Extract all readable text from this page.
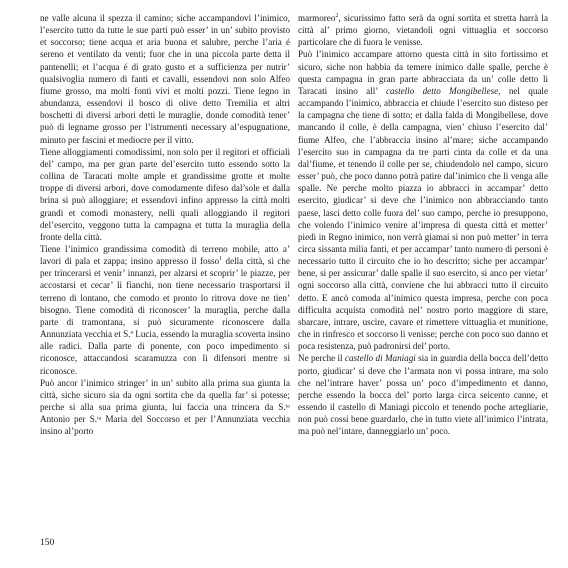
ne valle alcuna il spezza il camino; siche accampandovi l’inimico, l’esercito tutto da tutte le sue parti può esser’ in un’ subito provisto et soccorso; tiene acqua et aria buona et salubre, perche l’aria é sereno et ventilato da venti; fuor che in una piccola parte detta il pantenelli; et l’acqua é di grato gusto et a sufficienza per nutrir’ qualsivoglia numero di fanti et cavalli, essendovi non solo Alfeo fiume grosso, ma molti fonti vivi et molti pozzi. Tiene legno in abundanza, essendovi il bosco di olive detto Tremilia et altri boschetti di diversi arbori detti le muraglie, donde comodità tener’ può di legname grosso per l’istrumenti necessary al’espugnatione, minuto per fascini et mediocre per il vitto.

Tiene alloggiamenti comodissimi, non solo per il regitori et officiali del’ campo, ma per gran parte del’esercito tutto essendo sotto la collina de Taracati molte ample et grandissime grotte et molte troppe di diversi arbori, dove comodamente difeso dal’sole et dalla brina si può alloggiare; et essendovi infino appresso la città molti grandi et comodi monastery, nelli quali alloggiando il regitori del’esercito, veggono tutta la campagna et tutta la muraglia della fronte della città.

Tiene l’inimico grandissima comodità di terreno mobile, atto a’ lavori di pala et zappa; insino appresso il fosso$^1$ della città, si che per trincerarsi et venir’ innanzi, per alzarsi et scoprir’ le piazze, per accostarsi et cecar’ li fianchi, non tiene necessario trasportarsi il terreno di lontano, che comodo et pronto lo ritrova dove ne tien’ bisogno. Tiene comodità di riconoscer’ la muraglia, perche dalla parte di tramontana, si può sicuramente riconoscere dalla Annunziata vecchia et S.ª Lucia, essendo la muraglia scoverta insino alle radici. Dalla parte di ponente, con poco impedimento si riconosce, attaccandosi scaramuzza con li difensori mentre si riconosce.

Può ancor l’inimico stringer’ in un’ subito alla prima sua giunta la città, siche sicuro sia da ogni sortita che da quella far’ si potesse; perche si alla sua prima giunta, lui faccia una trincera da S.ᵗᵒ Antonio per S.ᵗᵃ Maria del Soccorso et per l’Annunziata vecchia insino al’porto

marmoreo$^2$, sicurissimo fatto serà da ogni sortita et stretta harrà la città al’ primo giorno, vietandoli ogni vittuaglia et soccorso particolare che di fuora le venisse.

Può l’inimico accampare attorno questa città in sito fortissimo et sicuro, siche non habbia da temere inimico dalle spalle, perche è questa campagna in gran parte abbracciata da un’ colle detto li Taracati insino all’ castello detto Mongibellese, nel quale accampando l’inimico, abbraccia et chiude l’esercito suo disteso per la campagna che tiene di sotto; et dalla falda di Mongibellese, dove mancando il colle, è della campagna, vien’ chiuso l’esercito dal’ fiume Alfeo, che l’abbraccia insino al’mare; siche accampando l’esercito suo in campagna da tre parti cinta da colle et da una dal’fiume, et tenendo il colle per se, chiudendolo nel campo, sicuro esser’ può, che poco danno potrà patire dal’inimico che li venga alle spalle. Ne perche molto piazza io abbracci in accampar’ detto esercito, giudicar’ si deve che l’inimico non abbracciando tanto paese, lasci detto colle fuora del’ suo campo, perche io presuppono, che volendo l’inimico venire al’impresa di questa città et metter’ piedi in Regno inimico, non verrà giamai si non può metter’ in terra circa sissanta milia fanti, et per accampar’ tanto numero di personi è necessario tutto il circuito che io ho descritto; siche per accampar’ bene, si per assicurar’ dalle spalle il suo esercito, si anco per vietar’ ogni soccorso alla città, conviene che lui abbracci tutto il circuito detto. E ancò comoda al’inimico questa impresa, perche con poca difficulta acquista comodità nel’ nostro porto maggiore di stare, sbarcare, intrare, uscire, cavare et rimettere vittuaglia et munitione, che in rinfresco et soccorso li venisse; perche con poco suo danno et poca resistenza, può padronirsi del’ porto.

Ne perche il castello di Maniagi sia in guardia della bocca dell’detto porto, giudicar’ si deve che l’armata non vi possa intrare, ma solo che nel’intrare haver’ possa un’ poco d’impedimento et danno, perche essendo la bocca del’ porto larga circa seicento canne, et essendo il castello di Maniagi piccolo et tenendo poche arteglíarie, non può cossi bene guardarlo, che in tutto viete all’inimico l’intrata, ma può nel’intare, danneggiarlo un’ poco.

150
